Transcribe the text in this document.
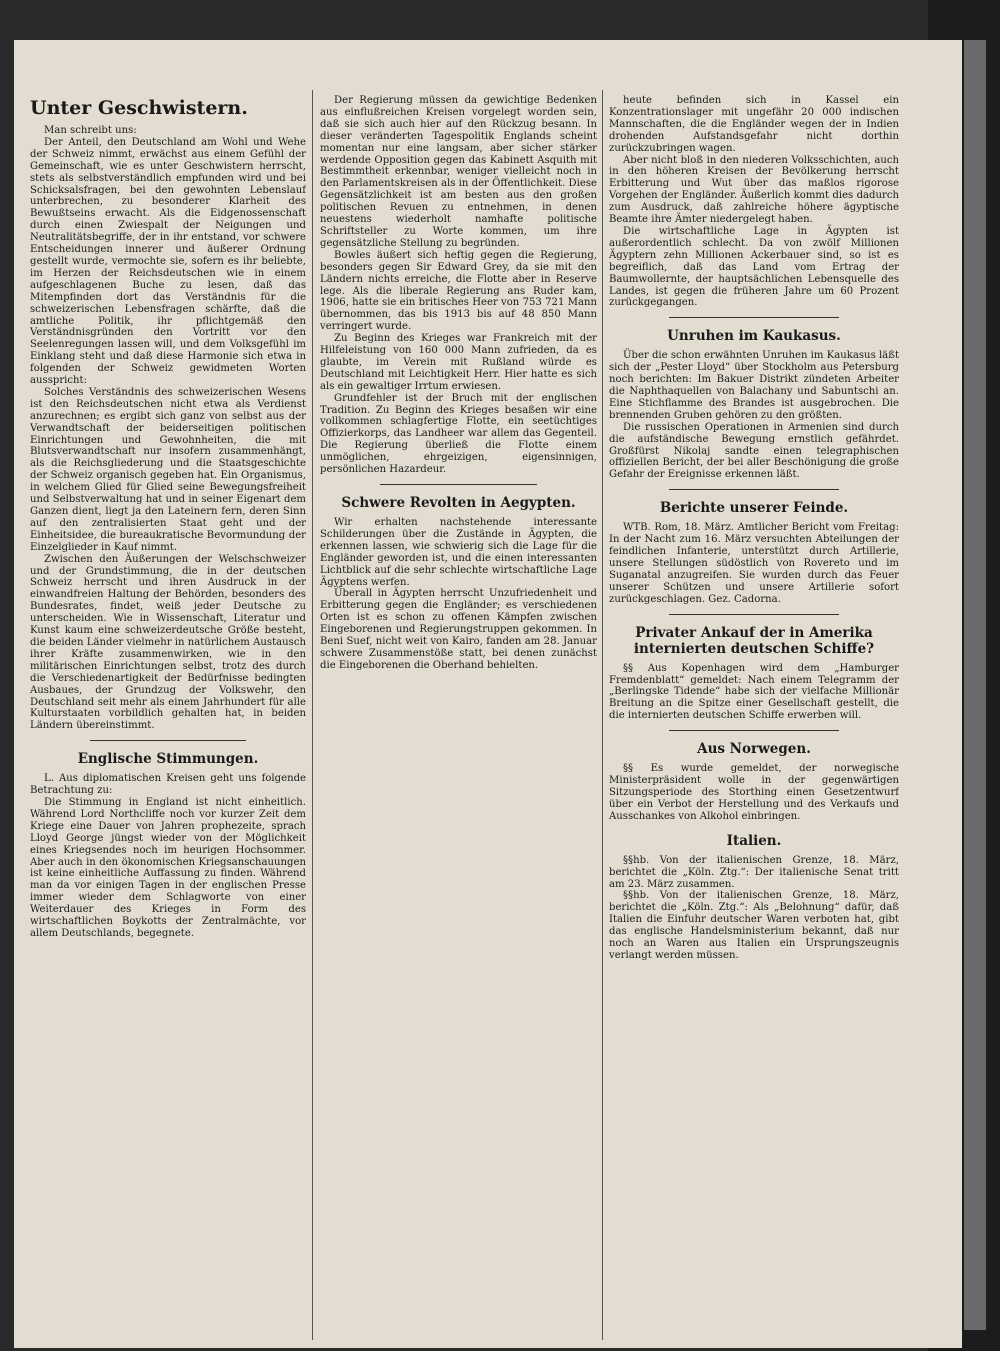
Unter Geschwistern.

Man schreibt uns:

Der Anteil, den Deutschland am Wohl und Wehe der Schweiz nimmt, erwächst aus einem Gefühl der Gemeinschaft, wie es unter Geschwistern herrscht, stets als selbstverständlich empfunden wird und bei Schicksalsfragen, bei den gewohnten Lebenslauf unterbrechen, zu besonderer Klarheit des Bewußtseins erwacht. Als die Eidgenossenschaft durch einen Zwiespalt der Neigungen und Neutralitätsbegriffe, der in ihr entstand, vor schwere Entscheidungen innerer und äußerer Ordnung gestellt wurde, vermochte sie, sofern es ihr beliebte, im Herzen der Reichsdeutschen wie in einem aufgeschlagenen Buche zu lesen, daß das Mitempfinden dort das Verständnis für die schweizerischen Lebensfragen schärfte, daß die amtliche Politik, ihr pflichtgemäß den Verständnisgründen den Vortritt vor den Seelenregungen lassen will, und dem Volksgefühl im Einklang steht und daß diese Harmonie sich etwa in folgenden der Schweiz gewidmeten Worten ausspricht:

Solches Verständnis des schweizerischen Wesens ist den Reichsdeutschen nicht etwa als Verdienst anzurechnen; es ergibt sich ganz von selbst aus der Verwandtschaft der beiderseitigen politischen Einrichtungen und Gewohnheiten, die mit Blutsverwandtschaft nur insofern zusammenhängt, als die Reichsgliederung und die Staatsgeschichte der Schweiz organisch gegeben hat. Ein Organismus, in welchem Glied für Glied seine Bewegungsfreiheit und Selbstverwaltung hat und in seiner Eigenart dem Ganzen dient, liegt ja den Lateinern fern, deren Sinn auf den zentralisierten Staat geht und der Einheitsidee, die bureaukratische Bevormundung der Einzelglieder in Kauf nimmt.

Zwischen den Äußerungen der Welschschweizer und der Grundstimmung, die in der deutschen Schweiz herrscht und ihren Ausdruck in der einwandfreien Haltung der Behörden, besonders des Bundesrates, findet, weiß jeder Deutsche zu unterscheiden. Wie in Wissenschaft, Literatur und Kunst kaum eine schweizerdeutsche Größe besteht, die beiden Länder vielmehr in natürlichem Austausch ihrer Kräfte zusammenwirken, wie in den militärischen Einrichtungen selbst, trotz des durch die Verschiedenartigkeit der Bedürfnisse bedingten Ausbaues, der Grundzug der Volkswehr, den Deutschland seit mehr als einem Jahrhundert für alle Kulturstaaten vorbildlich gehalten hat, in beiden Ländern übereinstimmt.

Englische Stimmungen.

L. Aus diplomatischen Kreisen geht uns folgende Betrachtung zu:

Die Stimmung in England ist nicht einheitlich. Während Lord Northcliffe noch vor kurzer Zeit dem Kriege eine Dauer von Jahren prophezeite, sprach Lloyd George jüngst wieder von der Möglichkeit eines Kriegsendes noch im heurigen Hochsommer. Aber auch in den ökonomischen Kriegsanschauungen ist keine einheitliche Auffassung zu finden. Während man da vor einigen Tagen in der englischen Presse immer wieder dem Schlagworte von einer Weiterdauer des Krieges in Form des wirtschaftlichen Boykotts der Zentralmächte, vor allem Deutschlands, begegnete.

Der Regierung müssen da gewichtige Bedenken aus einflußreichen Kreisen vorgelegt worden sein, daß sie sich auch hier auf den Rückzug besann. In dieser veränderten Tagespolitik Englands scheint momentan nur eine langsam, aber sicher stärker werdende Opposition gegen das Kabinett Asquith mit Bestimmtheit erkennbar, weniger vielleicht noch in den Parlamentskreisen als in der Öffentlichkeit. Diese Gegensätzlichkeit ist am besten aus den großen politischen Revuen zu entnehmen, in denen neuestens wiederholt namhafte politische Schriftsteller zu Worte kommen, um ihre gegensätzliche Stellung zu begründen.

Bowles äußert sich heftig gegen die Regierung, besonders gegen Sir Edward Grey, da sie mit den Ländern nichts erreiche, die Flotte aber in Reserve lege. Als die liberale Regierung ans Ruder kam, 1906, hatte sie ein britisches Heer von 753 721 Mann übernommen, das bis 1913 bis auf 48 850 Mann verringert wurde.

Zu Beginn des Krieges war Frankreich mit der Hilfeleistung von 160 000 Mann zufrieden, da es glaubte, im Verein mit Rußland würde es Deutschland mit Leichtigkeit Herr. Hier hatte es sich als ein gewaltiger Irrtum erwiesen.

Grundfehler ist der Bruch mit der englischen Tradition. Zu Beginn des Krieges besaßen wir eine vollkommen schlagfertige Flotte, ein seetüchtiges Offizierkorps, das Landheer war allem das Gegenteil. Die Regierung überließ die Flotte einem unmöglichen, ehrgeizigen, eigensinnigen, persönlichen Hazardeur.

Schwere Revolten in Aegypten.

Wir erhalten nachstehende interessante Schilderungen über die Zustände in Ägypten, die erkennen lassen, wie schwierig sich die Lage für die Engländer geworden ist, und die einen interessanten Lichtblick auf die sehr schlechte wirtschaftliche Lage Ägyptens werfen.

Überall in Ägypten herrscht Unzufriedenheit und Erbitterung gegen die Engländer; es verschiedenen Orten ist es schon zu offenen Kämpfen zwischen Eingeborenen und Regierungstruppen gekommen. In Beni Suef, nicht weit von Kairo, fanden am 28. Januar schwere Zusammenstöße statt, bei denen zunächst die Eingeborenen die Oberhand behielten.

heute befinden sich in Kassel ein Konzentrationslager mit ungefähr 20 000 indischen Mannschaften, die die Engländer wegen der in Indien drohenden Aufstandsgefahr nicht dorthin zurückzubringen wagen.

Aber nicht bloß in den niederen Volksschichten, auch in den höheren Kreisen der Bevölkerung herrscht Erbitterung und Wut über das maßlos rigorose Vorgehen der Engländer. Äußerlich kommt dies dadurch zum Ausdruck, daß zahlreiche höhere ägyptische Beamte ihre Ämter niedergelegt haben.

Die wirtschaftliche Lage in Ägypten ist außerordentlich schlecht. Da von zwölf Millionen Ägyptern zehn Millionen Ackerbauer sind, so ist es begreiflich, daß das Land vom Ertrag der Baumwollernte, der hauptsächlichen Lebensquelle des Landes, ist gegen die früheren Jahre um 60 Prozent zurückgegangen.

Unruhen im Kaukasus.

Über die schon erwähnten Unruhen im Kaukasus läßt sich der „Pester Lloyd“ über Stockholm aus Petersburg noch berichten: Im Bakuer Distrikt zündeten Arbeiter die Naphthaquellen von Balachany und Sabuntschi an. Eine Stichflamme des Brandes ist ausgebrochen. Die brennenden Gruben gehören zu den größten.

Die russischen Operationen in Armenien sind durch die aufständische Bewegung ernstlich gefährdet. Großfürst Nikolaj sandte einen telegraphischen offiziellen Bericht, der bei aller Beschönigung die große Gefahr der Ereignisse erkennen läßt.

Berichte unserer Feinde.

WTB. Rom, 18. März. Amtlicher Bericht vom Freitag: In der Nacht zum 16. März versuchten Abteilungen der feindlichen Infanterie, unterstützt durch Artillerie, unsere Stellungen südöstlich von Rovereto und im Suganatal anzugreifen. Sie wurden durch das Feuer unserer Schützen und unsere Artillerie sofort zurückgeschlagen. Gez. Cadorna.

Privater Ankauf der in Amerika internierten deutschen Schiffe?

§§ Aus Kopenhagen wird dem „Hamburger Fremdenblatt“ gemeldet: Nach einem Telegramm der „Berlingske Tidende“ habe sich der vielfache Millionär Breitung an die Spitze einer Gesellschaft gestellt, die die internierten deutschen Schiffe erwerben will.

Aus Norwegen.

§§ Es wurde gemeldet, der norwegische Ministerpräsident wolle in der gegenwärtigen Sitzungsperiode des Storthing einen Gesetzentwurf über ein Verbot der Herstellung und des Verkaufs und Ausschankes von Alkohol einbringen.

Italien.

§§hb. Von der italienischen Grenze, 18. März, berichtet die „Köln. Ztg.“: Der italienische Senat tritt am 23. März zusammen.

§§hb. Von der italienischen Grenze, 18. März, berichtet die „Köln. Ztg.“: Als „Belohnung“ dafür, daß Italien die Einfuhr deutscher Waren verboten hat, gibt das englische Handelsministerium bekannt, daß nur noch an Waren aus Italien ein Ursprungszeugnis verlangt werden müssen.
